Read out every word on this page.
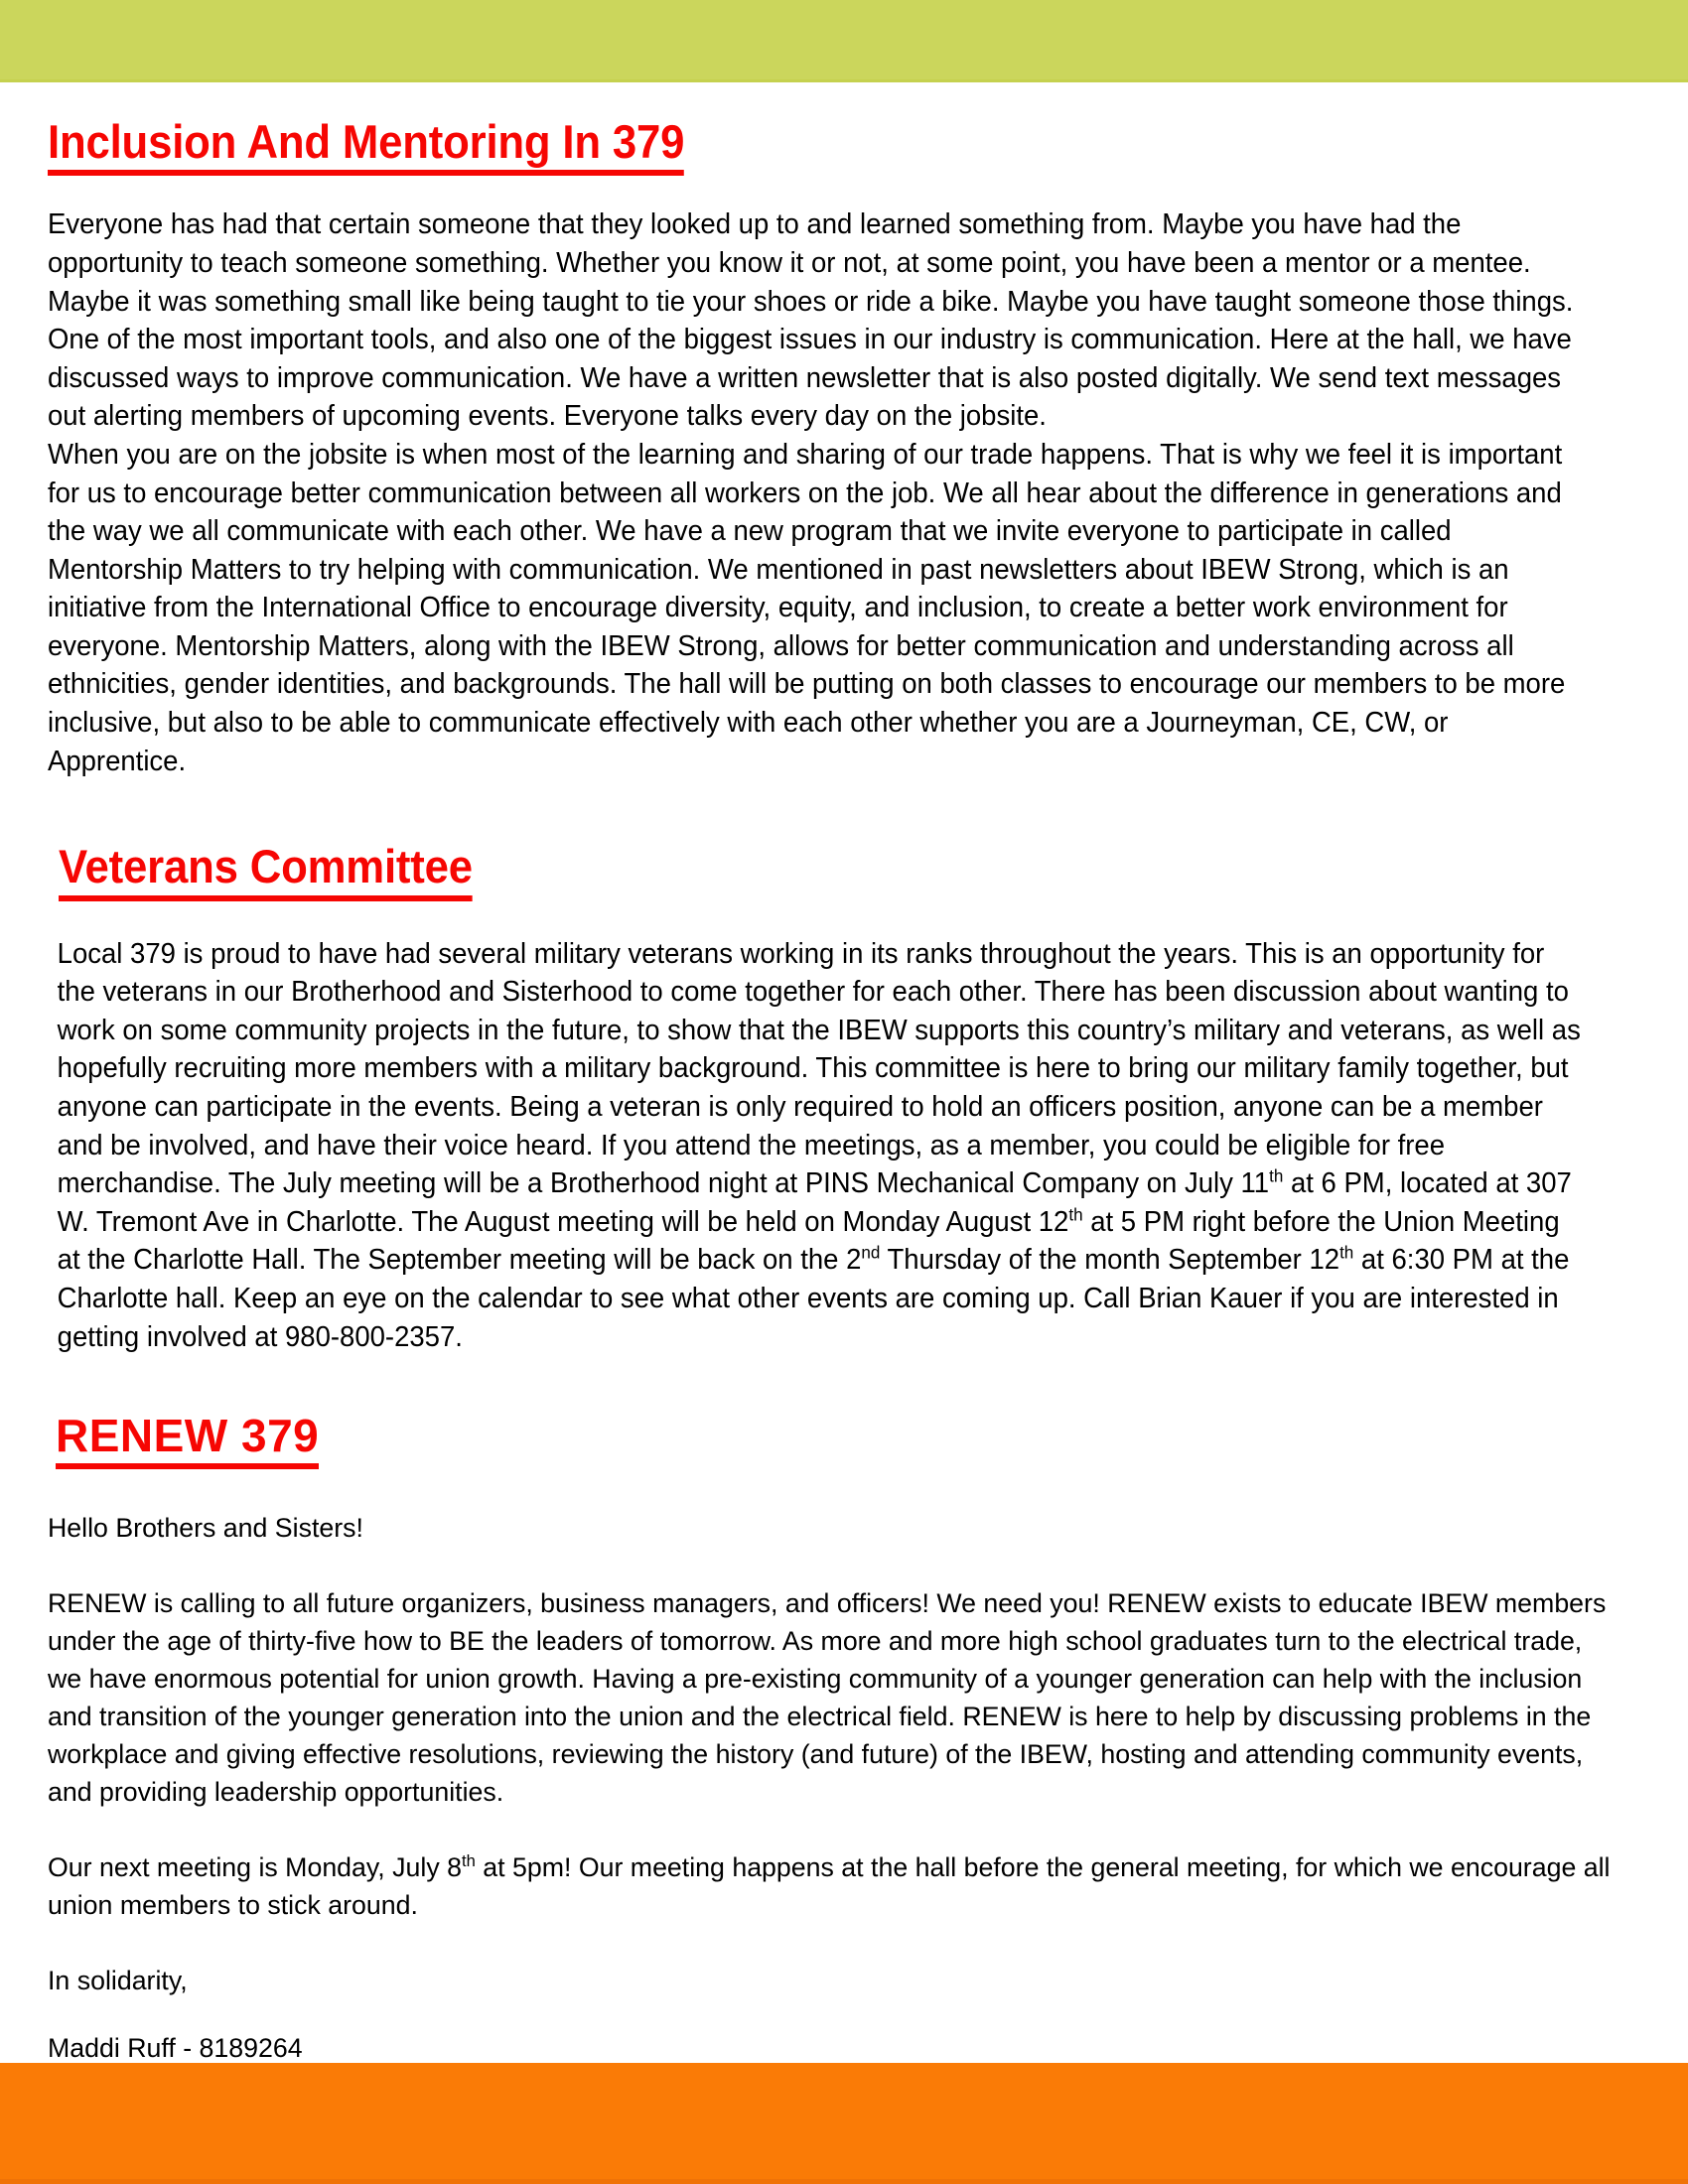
Inclusion And Mentoring In 379

Everyone has had that certain someone that they looked up to and learned something from. Maybe you have had the opportunity to teach someone something. Whether you know it or not, at some point, you have been a mentor or a mentee. Maybe it was something small like being taught to tie your shoes or ride a bike. Maybe you have taught someone those things. One of the most important tools, and also one of the biggest issues in our industry is communication. Here at the hall, we have discussed ways to improve communication. We have a written newsletter that is also posted digitally. We send text messages out alerting members of upcoming events. Everyone talks every day on the jobsite.

When you are on the jobsite is when most of the learning and sharing of our trade happens. That is why we feel it is important for us to encourage better communication between all workers on the job. We all hear about the difference in generations and the way we all communicate with each other. We have a new program that we invite everyone to participate in called Mentorship Matters to try helping with communication. We mentioned in past newsletters about IBEW Strong, which is an initiative from the International Office to encourage diversity, equity, and inclusion, to create a better work environment for everyone. Mentorship Matters, along with the IBEW Strong, allows for better communication and understanding across all ethnicities, gender identities, and backgrounds. The hall will be putting on both classes to encourage our members to be more inclusive, but also to be able to communicate effectively with each other whether you are a Journeyman, CE, CW, or Apprentice.

Veterans Committee

Local 379 is proud to have had several military veterans working in its ranks throughout the years. This is an opportunity for the veterans in our Brotherhood and Sisterhood to come together for each other. There has been discussion about wanting to work on some community projects in the future, to show that the IBEW supports this country’s military and veterans, as well as hopefully recruiting more members with a military background. This committee is here to bring our military family together, but anyone can participate in the events. Being a veteran is only required to hold an officers position, anyone can be a member and be involved, and have their voice heard. If you attend the meetings, as a member, you could be eligible for free merchandise. The July meeting will be a Brotherhood night at PINS Mechanical Company on July 11th at 6 PM, located at 307 W. Tremont Ave in Charlotte. The August meeting will be held on Monday August 12th at 5 PM right before the Union Meeting at the Charlotte Hall. The September meeting will be back on the 2nd Thursday of the month September 12th at 6:30 PM at the Charlotte hall. Keep an eye on the calendar to see what other events are coming up. Call Brian Kauer if you are interested in getting involved at 980-800-2357.

RENEW 379

Hello Brothers and Sisters!

RENEW is calling to all future organizers, business managers, and officers! We need you! RENEW exists to educate IBEW members under the age of thirty-five how to BE the leaders of tomorrow. As more and more high school graduates turn to the electrical trade, we have enormous potential for union growth. Having a pre-existing community of a younger generation can help with the inclusion and transition of the younger generation into the union and the electrical field. RENEW is here to help by discussing problems in the workplace and giving effective resolutions, reviewing the history (and future) of the IBEW, hosting and attending community events, and providing leadership opportunities.

Our next meeting is Monday, July 8th at 5pm! Our meeting happens at the hall before the general meeting, for which we encourage all union members to stick around.

In solidarity,

Maddi Ruff - 8189264
